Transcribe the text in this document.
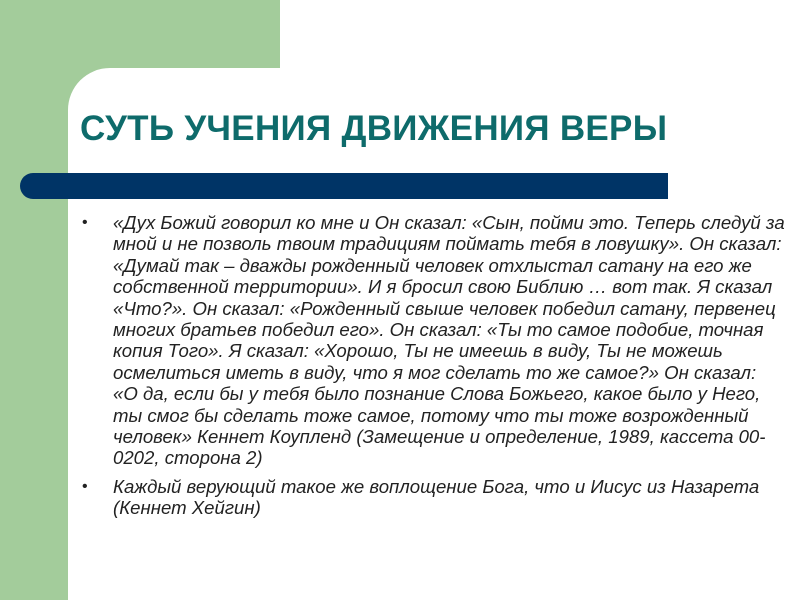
СУТЬ УЧЕНИЯ ДВИЖЕНИЯ ВЕРЫ
• «Дух Божий говорил ко мне и Он сказал: «Сын, пойми это. Теперь следуй за мной и не позволь твоим традициям поймать тебя в ловушку». Он сказал: «Думай так – дважды рожденный человек отхлыстал сатану на его же собственной территории». И я бросил свою Библию … вот так. Я сказал «Что?». Он сказал: «Рожденный свыше человек победил сатану, первенец многих братьев победил его». Он сказал: «Ты то самое подобие, точная копия Того». Я сказал: «Хорошо, Ты не имеешь в виду, Ты не можешь осмелиться иметь в виду, что я мог сделать то же самое?» Он сказал: «О да, если бы у тебя было познание Слова Божьего, какое было у Него, ты смог бы сделать тоже самое, потому что ты тоже возрожденный человек» Кеннет Коупленд (Замещение и определение, 1989, кассета 00-0202, сторона 2)
• Каждый верующий такое же воплощение Бога, что и Иисус из Назарета (Кеннет Хейгин)
